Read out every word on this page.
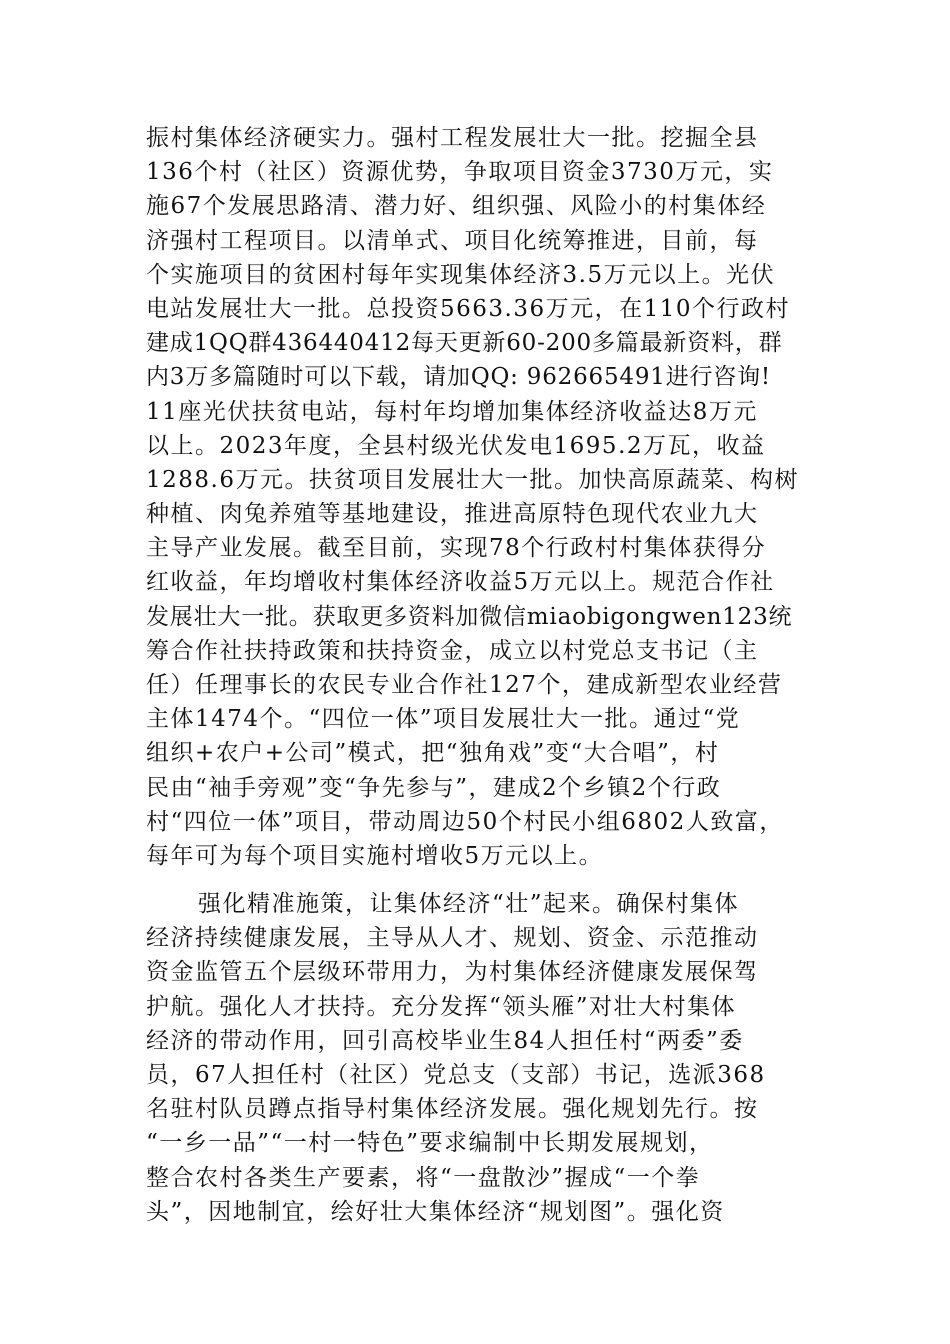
振村集体经济硬实力。强村工程发展壮大一批。挖掘全县
136个村（社区）资源优势，争取项目资金3730万元，实
施67个发展思路清、潜力好、组织强、风险小的村集体经
济强村工程项目。以清单式、项目化统筹推进，目前，每
个实施项目的贫困村每年实现集体经济3.5万元以上。光伏
电站发展壮大一批。总投资5663.36万元，在110个行政村
建成1QQ群436440412每天更新60-200多篇最新资料，群
内3万多篇随时可以下载，请加QQ: 962665491进行咨询!
11座光伏扶贫电站，每村年均增加集体经济收益达8万元
以上。2023年度，全县村级光伏发电1695.2万瓦，收益
1288.6万元。扶贫项目发展壮大一批。加快高原蔬菜、构树
种植、肉兔养殖等基地建设，推进高原特色现代农业九大
主导产业发展。截至目前，实现78个行政村村集体获得分
红收益，年均增收村集体经济收益5万元以上。规范合作社
发展壮大一批。获取更多资料加微信miaobigongwen123统
筹合作社扶持政策和扶持资金，成立以村党总支书记（主
任）任理事长的农民专业合作社127个，建成新型农业经营
主体1474个。“四位一体”项目发展壮大一批。通过“党
组织+农户+公司”模式，把“独角戏”变“大合唱”，村
民由“袖手旁观”变“争先参与”，建成2个乡镇2个行政
村“四位一体”项目，带动周边50个村民小组6802人致富，
每年可为每个项目实施村增收5万元以上。
强化精准施策，让集体经济“壮”起来。确保村集体
经济持续健康发展，主导从人才、规划、资金、示范推动
资金监管五个层级环带用力，为村集体经济健康发展保驾
护航。强化人才扶持。充分发挥“领头雁”对壮大村集体
经济的带动作用，回引高校毕业生84人担任村“两委”委
员，67人担任村（社区）党总支（支部）书记，选派368
名驻村队员蹲点指导村集体经济发展。强化规划先行。按
“一乡一品”“一村一特色”要求编制中长期发展规划，
整合农村各类生产要素，将“一盘散沙”握成“一个拳
头”，因地制宜，绘好壮大集体经济“规划图”。强化资
